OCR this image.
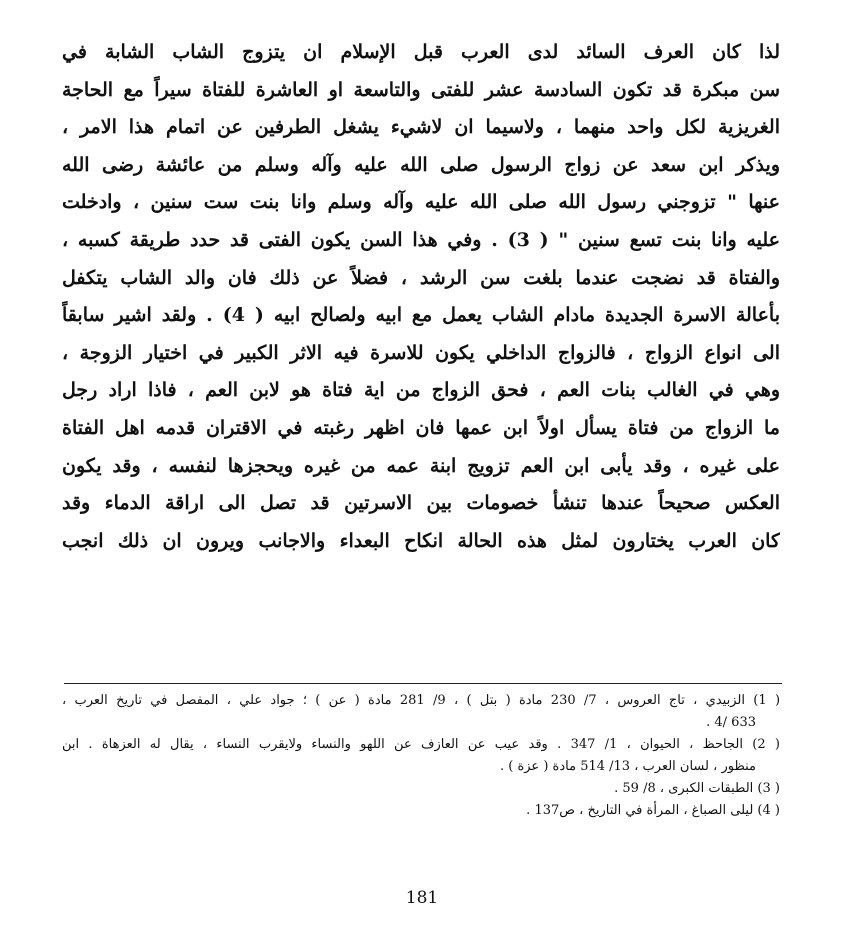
لذا كان العرف السائد لدى العرب قبل الإسلام ان يتزوج الشاب الشابة في
سن مبكرة قد تكون السادسة عشر للفتى والتاسعة او العاشرة للفتاة سيراً مع الحاجة
الغريزية لكل واحد منهما ، ولاسيما ان لاشيء يشغل الطرفين عن اتمام هذا الامر ،
ويذكر ابن سعد عن زواج الرسول صلى الله عليه وآله وسلم من عائشة رضى الله
عنها " تزوجني رسول الله صلى الله عليه وآله وسلم وانا بنت ست سنين ، وادخلت
عليه وانا بنت تسع سنين " ( 3) . وفي هذا السن يكون الفتى قد حدد طريقة كسبه ،
والفتاة قد نضجت عندما بلغت سن الرشد ، فضلاً عن ذلك فان والد الشاب يتكفل
بأعالة الاسرة الجديدة مادام الشاب يعمل مع ابيه ولصالح ابيه ( 4) . ولقد اشير سابقاً
الى انواع الزواج ، فالزواج الداخلي يكون للاسرة فيه الاثر الكبير في اختيار الزوجة ،
وهي في الغالب بنات العم ، فحق الزواج من اية فتاة هو لابن العم ، فاذا اراد رجل
ما الزواج من فتاة يسأل اولاً ابن عمها فان اظهر رغبته في الاقتران قدمه اهل الفتاة
على غيره ، وقد يأبى ابن العم تزويج ابنة عمه من غيره ويحجزها لنفسه ، وقد يكون
العكس صحيحاً عندها تنشأ خصومات بين الاسرتين قد تصل الى اراقة الدماء وقد
كان العرب يختارون لمثل هذه الحالة انكاح البعداء والاجانب ويرون ان ذلك انجب
( 1) الزبيدي ، تاج العروس ، 7/ 230 مادة ( بتل ) ، 9/ 281 مادة ( عن ) ؛ جواد علي ، المفصل في تاريخ العرب ،
633 /4 .
( 2) الجاحظ ، الحيوان ، 1/ 347 . وقد عيب عن العازف عن اللهو والنساء ولايقرب النساء ، يقال له العزهاة . ابن
منظور ، لسان العرب ، 13/ 514 مادة ( عزة ) .
( 3) الطبقات الكبرى ، 8/ 59 .
( 4) ليلى الصباغ ، المرأة في التاريخ ، ص137 .
181
